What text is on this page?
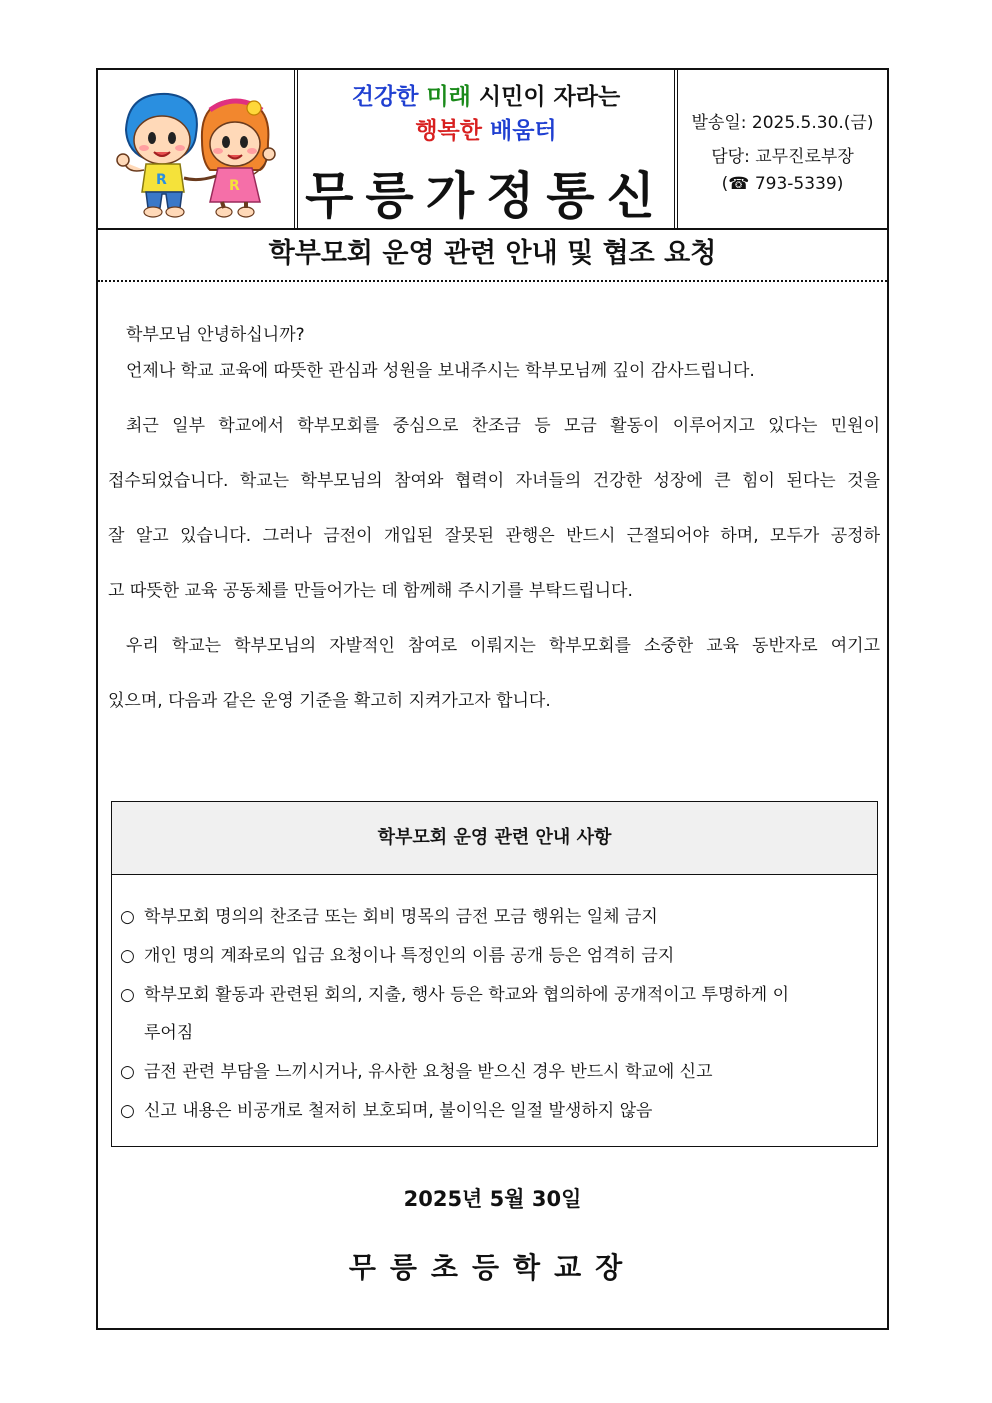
R	R
건강한 미래 시민이 자라는
행복한 배움터
무릉가정통신
발송일: 2025.5.30.(금)
담당: 교무진로부장
(☎ 793-5339)
학부모회 운영 관련 안내 및 협조 요청
학부모님 안녕하십니까?
언제나 학교 교육에 따뜻한 관심과 성원을 보내주시는 학부모님께 깊이 감사드립니다.
최근 일부 학교에서 학부모회를 중심으로 찬조금 등 모금 활동이 이루어지고 있다는 민원이
접수되었습니다. 학교는 학부모님의 참여와 협력이 자녀들의 건강한 성장에 큰 힘이 된다는 것을
잘 알고 있습니다. 그러나 금전이 개입된 잘못된 관행은 반드시 근절되어야 하며, 모두가 공정하
고 따뜻한 교육 공동체를 만들어가는 데 함께해 주시기를 부탁드립니다.
우리 학교는 학부모님의 자발적인 참여로 이뤄지는 학부모회를 소중한 교육 동반자로 여기고
있으며, 다음과 같은 운영 기준을 확고히 지켜가고자 합니다.
학부모회 운영 관련 안내 사항
○ 학부모회 명의의 찬조금 또는 회비 명목의 금전 모금 행위는 일체 금지
○ 개인 명의 계좌로의 입금 요청이나 특정인의 이름 공개 등은 엄격히 금지
○ 학부모회 활동과 관련된 회의, 지출, 행사 등은 학교와 협의하에 공개적이고 투명하게 이
루어짐
○ 금전 관련 부담을 느끼시거나, 유사한 요청을 받으신 경우 반드시 학교에 신고
○ 신고 내용은 비공개로 철저히 보호되며, 불이익은 일절 발생하지 않음
2025년 5월 30일
무릉초등학교장
